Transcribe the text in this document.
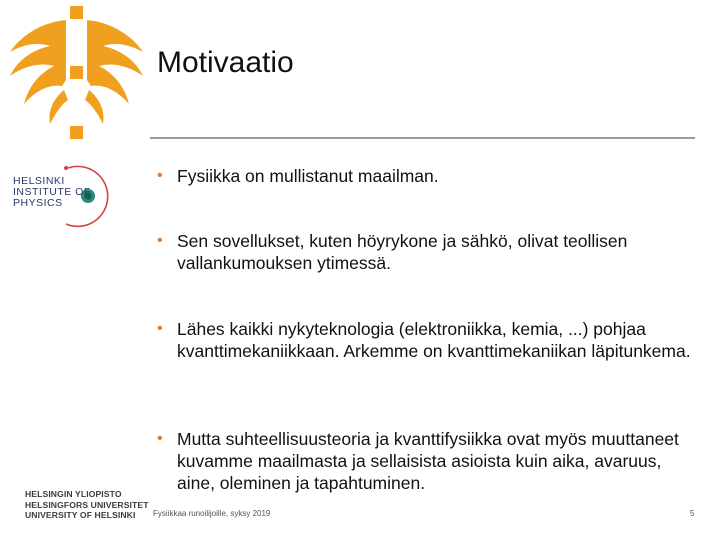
Motivaatio
HELSINKI
INSTITUTE OF
PHYSICS
• Fysiikka on mullistanut maailman.
• Sen sovellukset, kuten höyrykone ja sähkö, olivat teollisen vallankumouksen ytimessä.
• Lähes kaikki nykyteknologia (elektroniikka, kemia, ...) pohjaa kvanttimekaniikkaan. Arkemme on kvanttimekaniikan läpitunkema.
• Mutta suhteellisuusteoria ja kvanttifysiikka ovat myös muuttaneet kuvamme maailmasta ja sellaisista asioista kuin aika, avaruus, aine, oleminen ja tapahtuminen.
HELSINGIN YLIOPISTO
HELSINGFORS UNIVERSITET
UNIVERSITY OF HELSINKI	Fysiikkaa runoilijoille, syksy 2019	5
